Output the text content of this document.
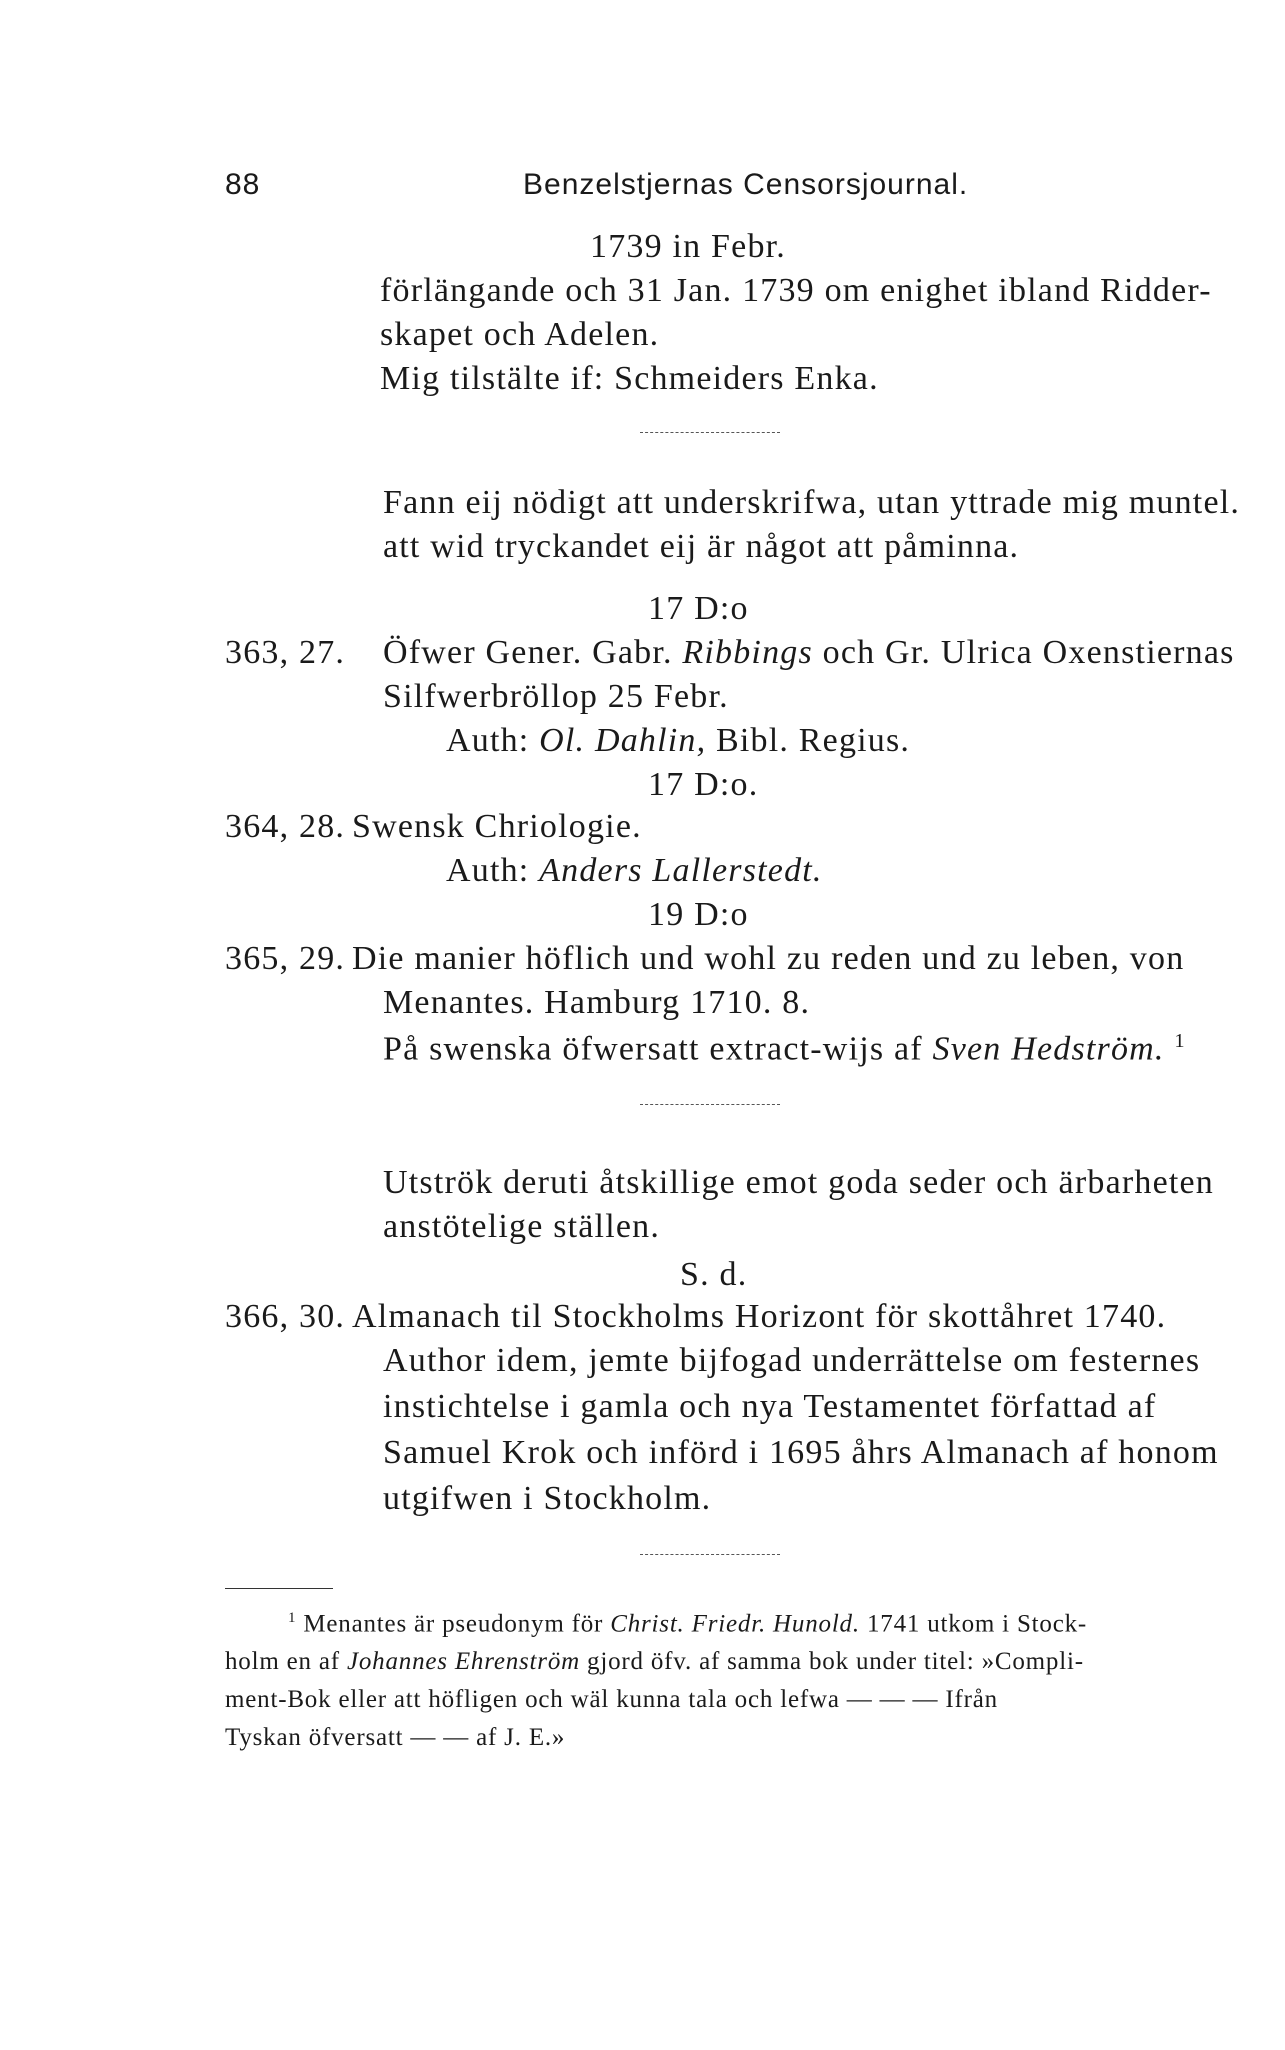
88	Benzelstjernas Censorsjournal.
1739 in Febr.
förlängande och 31 Jan. 1739 om enighet ibland Ridder-
skapet och Adelen.
Mig tilstälte if: Schmeiders Enka.
Fann eij nödigt att underskrifwa, utan yttrade mig muntel.
att wid tryckandet eij är något att påminna.
17 D:o
363, 27. Öfwer Gener. Gabr. Ribbings och Gr. Ulrica Oxenstiernas
Silfwerbröllop 25 Febr.
Auth: Ol. Dahlin, Bibl. Regius.
17 D:o.
364, 28. Swensk Chriologie.
Auth: Anders Lallerstedt.
19 D:o
365, 29. Die manier höflich und wohl zu reden und zu leben, von
Menantes. Hamburg 1710. 8.
På swenska öfwersatt extract-wijs af Sven Hedström. $^1$
Utströk deruti åtskillige emot goda seder och ärbarheten
anstötelige ställen.
S. d.
366, 30. Almanach til Stockholms Horizont för skottåhret 1740.
Author idem, jemte bijfogad underrättelse om festernes
instichtelse i gamla och nya Testamentet författad af
Samuel Krok och införd i 1695 åhrs Almanach af honom
utgifwen i Stockholm.
$^1$ Menantes är pseudonym för Christ. Friedr. Hunold. 1741 utkom i Stock-
holm en af Johannes Ehrenström gjord öfv. af samma bok under titel: »Compli-
ment-Bok eller att höfligen och wäl kunna tala och lefwa — — — Ifrån
Tyskan öfversatt — — af J. E.»
